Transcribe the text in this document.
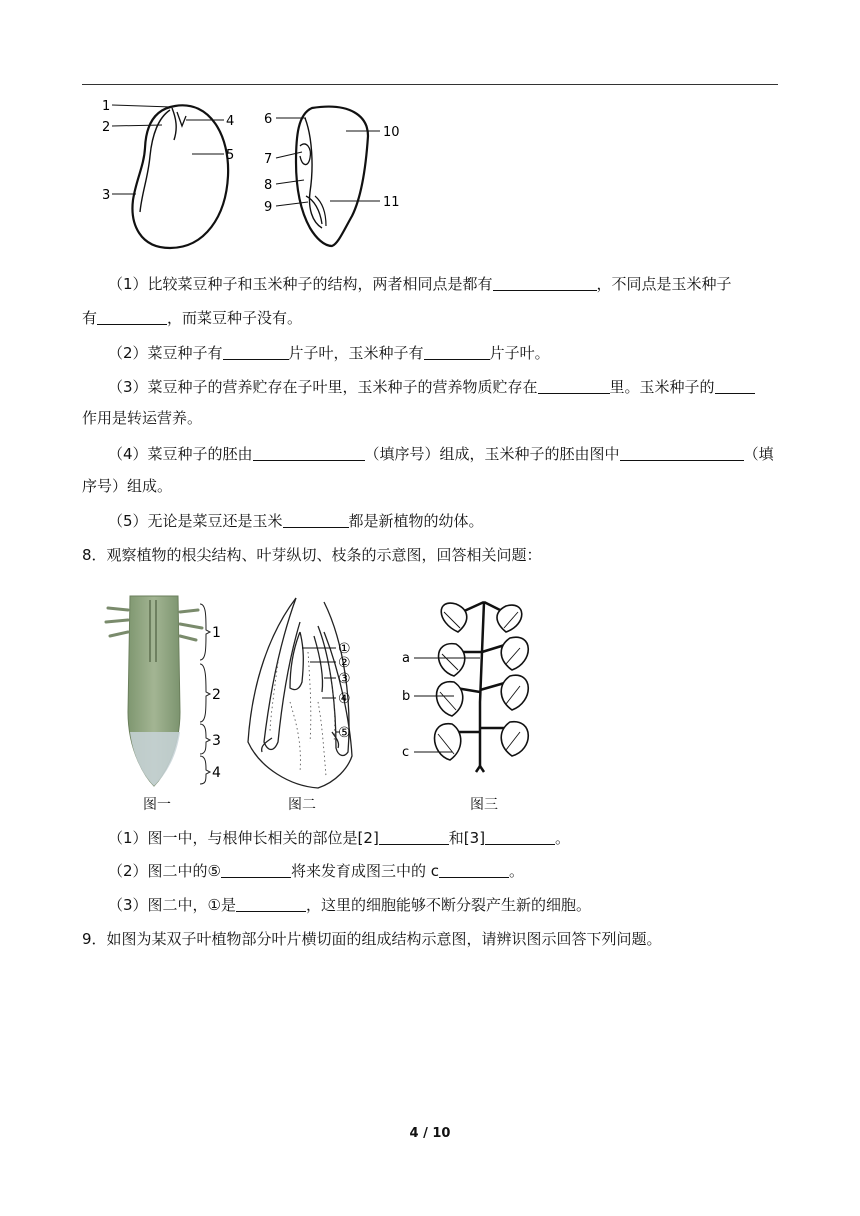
1
2
3
4
5
6
7
8
9
10
11
（1）比较菜豆种子和玉米种子的结构，两者相同点是都有	，不同点是玉米种子
有	，而菜豆种子没有。
（2）菜豆种子有	片子叶，玉米种子有	片子叶。
（3）菜豆种子的营养贮存在子叶里，玉米种子的营养物质贮存在	里。玉米种子的
作用是转运营养。
（4）菜豆种子的胚由	（填序号）组成，玉米种子的胚由图中	（填
序号）组成。
（5）无论是菜豆还是玉米	都是新植物的幼体。
8．观察植物的根尖结构、叶芽纵切、枝条的示意图，回答相关问题：
1
2
3
4
①
②
③
④
⑤
a
b
c
图一	图二	图三
（1）图一中，与根伸长相关的部位是[2]	和[3]	。
（2）图二中的⑤	将来发育成图三中的 c	。
（3）图二中，①是	，这里的细胞能够不断分裂产生新的细胞。
9．如图为某双子叶植物部分叶片横切面的组成结构示意图，请辨识图示回答下列问题。
4 / 10
